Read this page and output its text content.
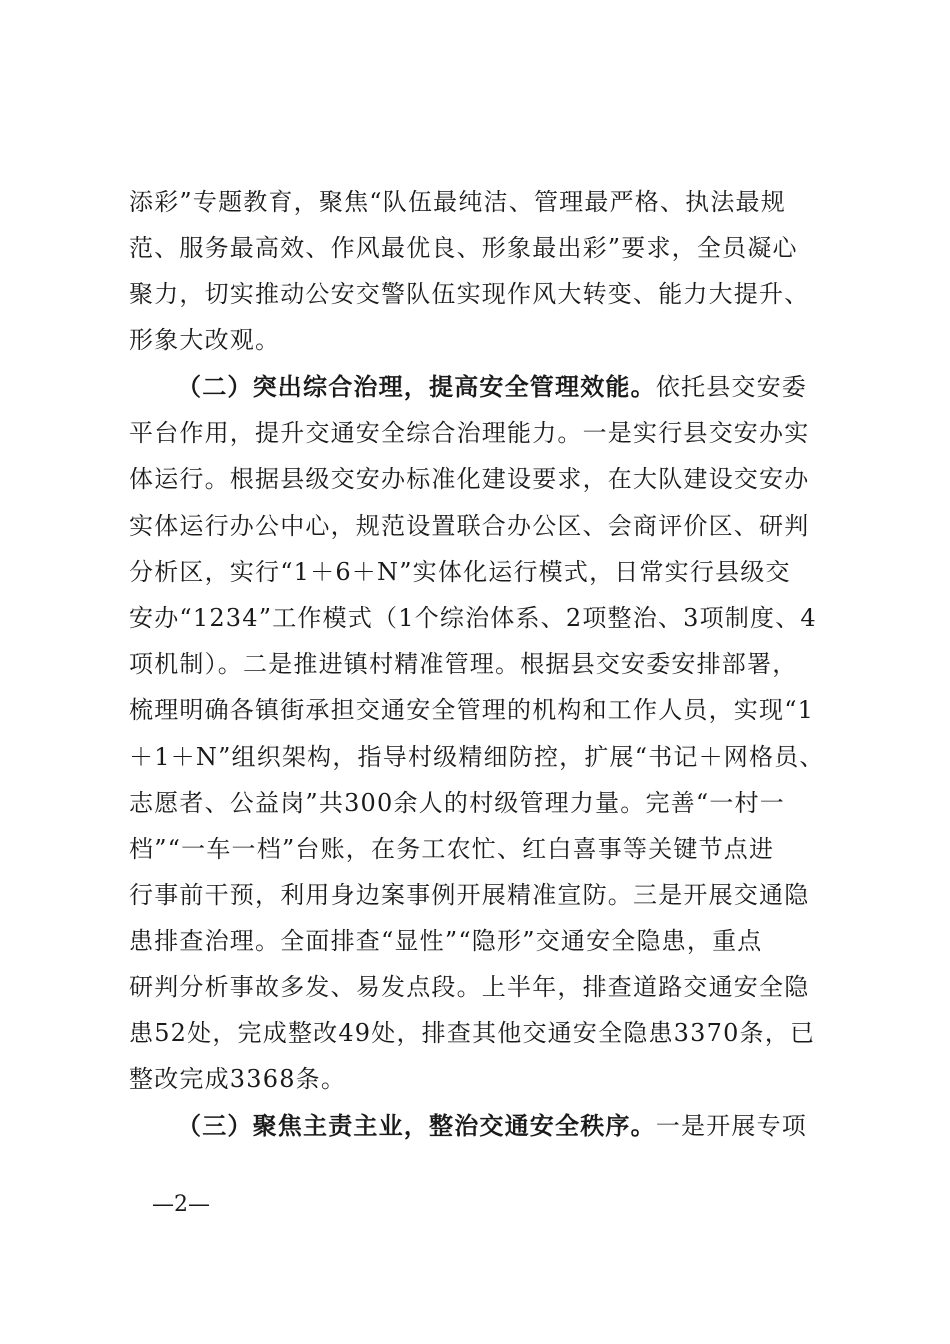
添彩”专题教育，聚焦“队伍最纯洁、管理最严格、执法最规
范、服务最高效、作风最优良、形象最出彩”要求，全员凝心
聚力，切实推动公安交警队伍实现作风大转变、能力大提升、
形象大改观。
（二）突出综合治理，提高安全管理效能。依托县交安委
平台作用，提升交通安全综合治理能力。一是实行县交安办实
体运行。根据县级交安办标准化建设要求，在大队建设交安办
实体运行办公中心，规范设置联合办公区、会商评价区、研判
分析区，实行“1＋6＋N”实体化运行模式，日常实行县级交
安办“1234”工作模式（1个综治体系、2项整治、3项制度、4
项机制）。二是推进镇村精准管理。根据县交安委安排部署，
梳理明确各镇街承担交通安全管理的机构和工作人员，实现“1
＋1＋N”组织架构，指导村级精细防控，扩展“书记＋网格员、
志愿者、公益岗”共300余人的村级管理力量。完善“一村一
档”“一车一档”台账，在务工农忙、红白喜事等关键节点进
行事前干预，利用身边案事例开展精准宣防。三是开展交通隐
患排查治理。全面排查“显性”“隐形”交通安全隐患，重点
研判分析事故多发、易发点段。上半年，排查道路交通安全隐
患52处，完成整改49处，排查其他交通安全隐患3370条，已
整改完成3368条。
（三）聚焦主责主业，整治交通安全秩序。一是开展专项
—2—
